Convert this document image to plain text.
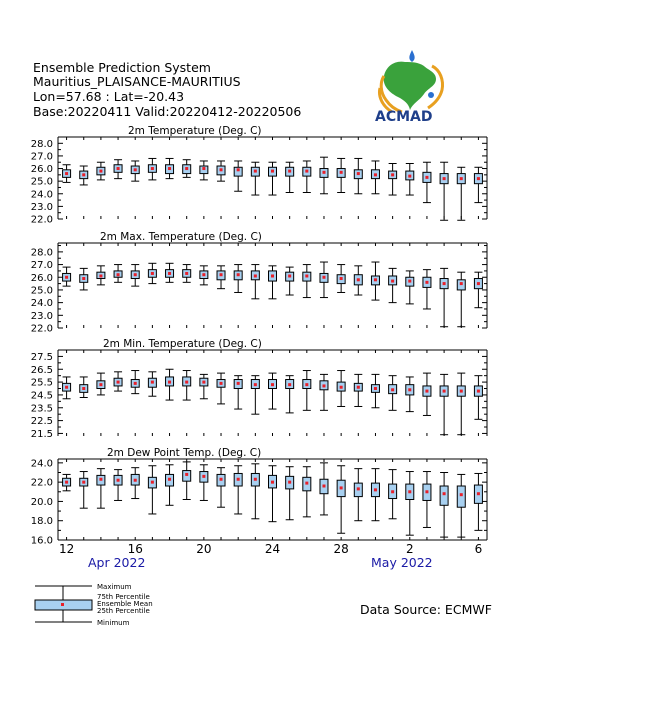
Ensemble Prediction System
Mauritius_PLAISANCE-MAURITIUS
Lon=57.68 : Lat=-20.43
Base:20220411 Valid:20220412-20220506	ACMAD
2m Temperature (Deg. C)
28.0
27.0
26.0
25.0
24.0
23.0
22.0
2m Max. Temperature (Deg. C)
28.0
27.0
26.0
25.0
24.0
23.0
22.0
2m Min. Temperature (Deg. C)
27.5
26.5
25.5
24.5
23.5
22.5
21.5
2m Dew Point Temp. (Deg. C)
24.0
22.0
20.0
18.0
16.0
12	16	20	24	28	2	6
Apr 2022	May 2022
Maximum
75th Percentile
Ensemble Mean
25th Percentile
Minimum
Data Source: ECMWF
